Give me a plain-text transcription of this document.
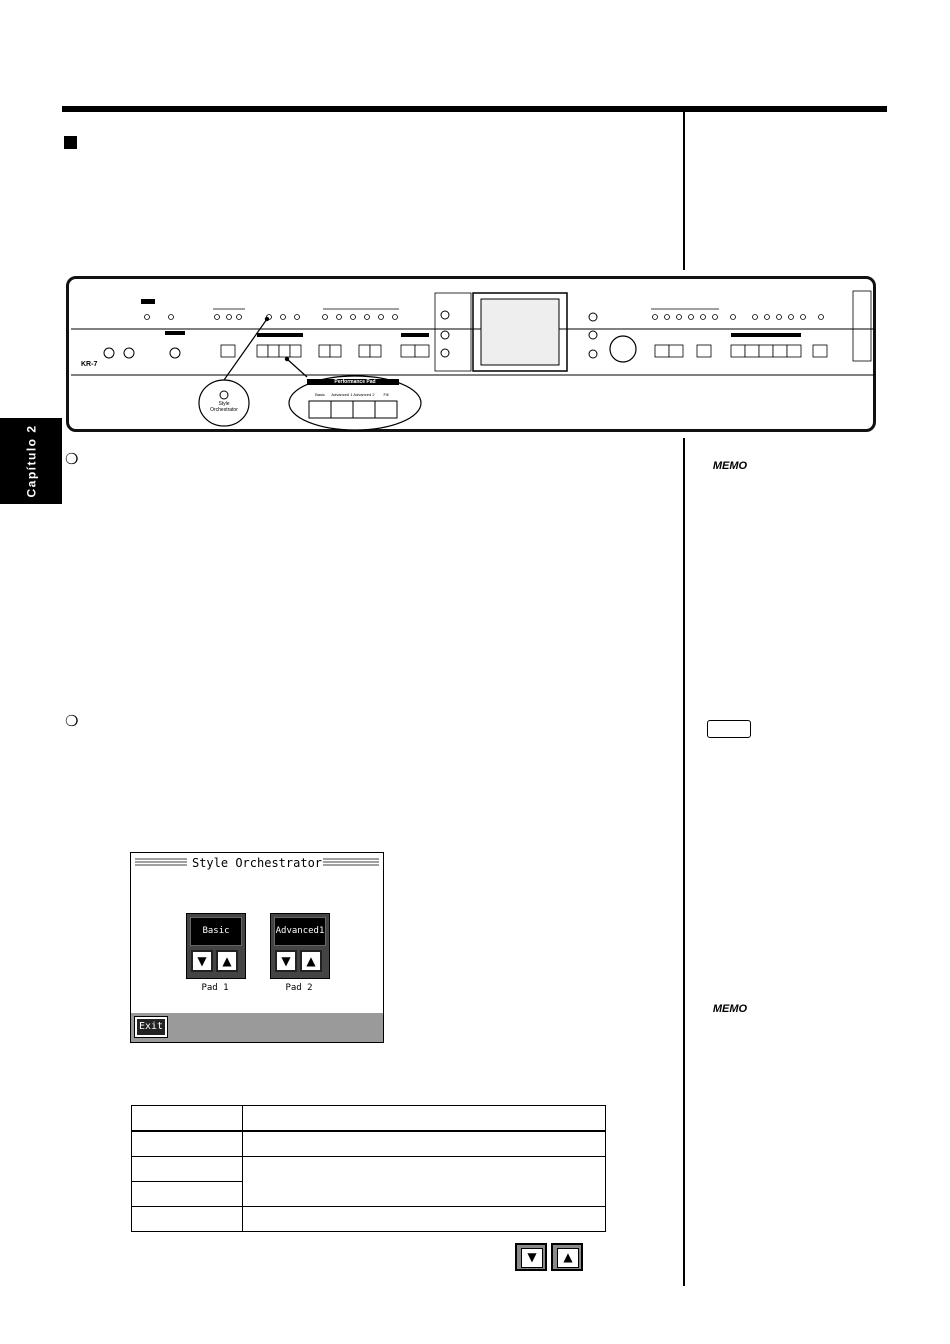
Capítulo 2
KR-7
Performance Pad
Basic	Advanced 1 Advanced 2	Fill
Style
Orchestrator
❍
❍
MEMO
MEMO
Style Orchestrator
Basic
▼	▲
Pad 1
Advanced1
▼	▲
Pad 2
Exit

▼	▲
